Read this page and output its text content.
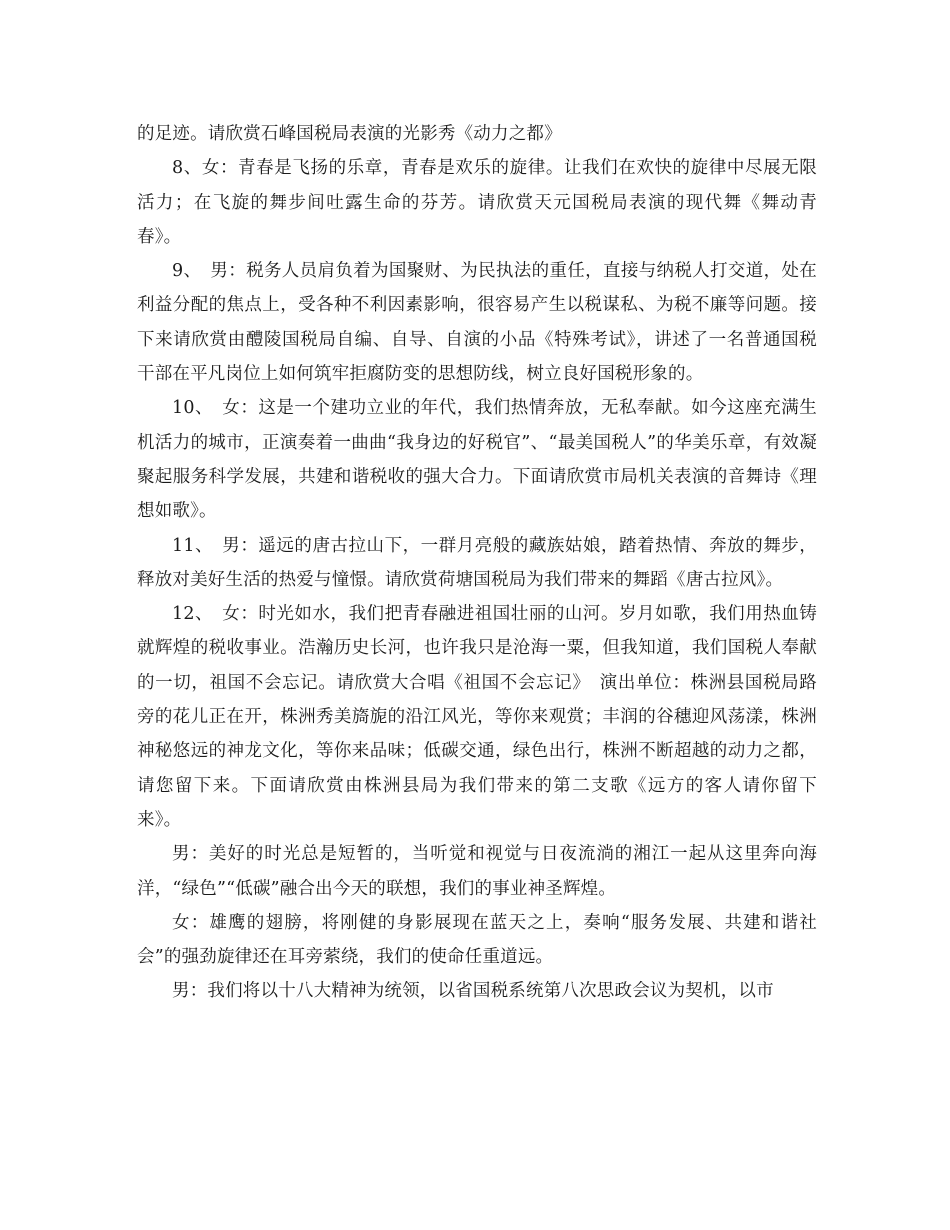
的足迹。请欣赏石峰国税局表演的光影秀《动力之都》

8、女：青春是飞扬的乐章，青春是欢乐的旋律。让我们在欢快的旋律中尽展无限活力；在飞旋的舞步间吐露生命的芬芳。请欣赏天元国税局表演的现代舞《舞动青春》。

9、　男：税务人员肩负着为国聚财、为民执法的重任，直接与纳税人打交道，处在利益分配的焦点上，受各种不利因素影响，很容易产生以税谋私、为税不廉等问题。接下来请欣赏由醴陵国税局自编、自导、自演的小品《特殊考试》，讲述了一名普通国税干部在平凡岗位上如何筑牢拒腐防变的思想防线，树立良好国税形象的。

10、　女：这是一个建功立业的年代，我们热情奔放，无私奉献。如今这座充满生机活力的城市，正演奏着一曲曲“我身边的好税官”、“最美国税人”的华美乐章，有效凝聚起服务科学发展，共建和谐税收的强大合力。下面请欣赏市局机关表演的音舞诗《理想如歌》。

11、　男：遥远的唐古拉山下，一群月亮般的藏族姑娘，踏着热情、奔放的舞步，释放对美好生活的热爱与憧憬。请欣赏荷塘国税局为我们带来的舞蹈《唐古拉风》。

12、　女：时光如水，我们把青春融进祖国壮丽的山河。岁月如歌，我们用热血铸就辉煌的税收事业。浩瀚历史长河，也许我只是沧海一粟，但我知道，我们国税人奉献的一切，祖国不会忘记。请欣赏大合唱《祖国不会忘记》　演出单位：株洲县国税局路旁的花儿正在开，株洲秀美旖旎的沿江风光，等你来观赏；丰润的谷穗迎风荡漾，株洲神秘悠远的神龙文化，等你来品味；低碳交通，绿色出行，株洲不断超越的动力之都，请您留下来。下面请欣赏由株洲县局为我们带来的第二支歌《远方的客人请你留下来》。

男：美好的时光总是短暂的，当听觉和视觉与日夜流淌的湘江一起从这里奔向海洋，“绿色”“低碳”融合出今天的联想，我们的事业神圣辉煌。

女：雄鹰的翅膀，将刚健的身影展现在蓝天之上，奏响“服务发展、共建和谐社会”的强劲旋律还在耳旁萦绕，我们的使命任重道远。

男：我们将以十八大精神为统领，以省国税系统第八次思政会议为契机，以市
